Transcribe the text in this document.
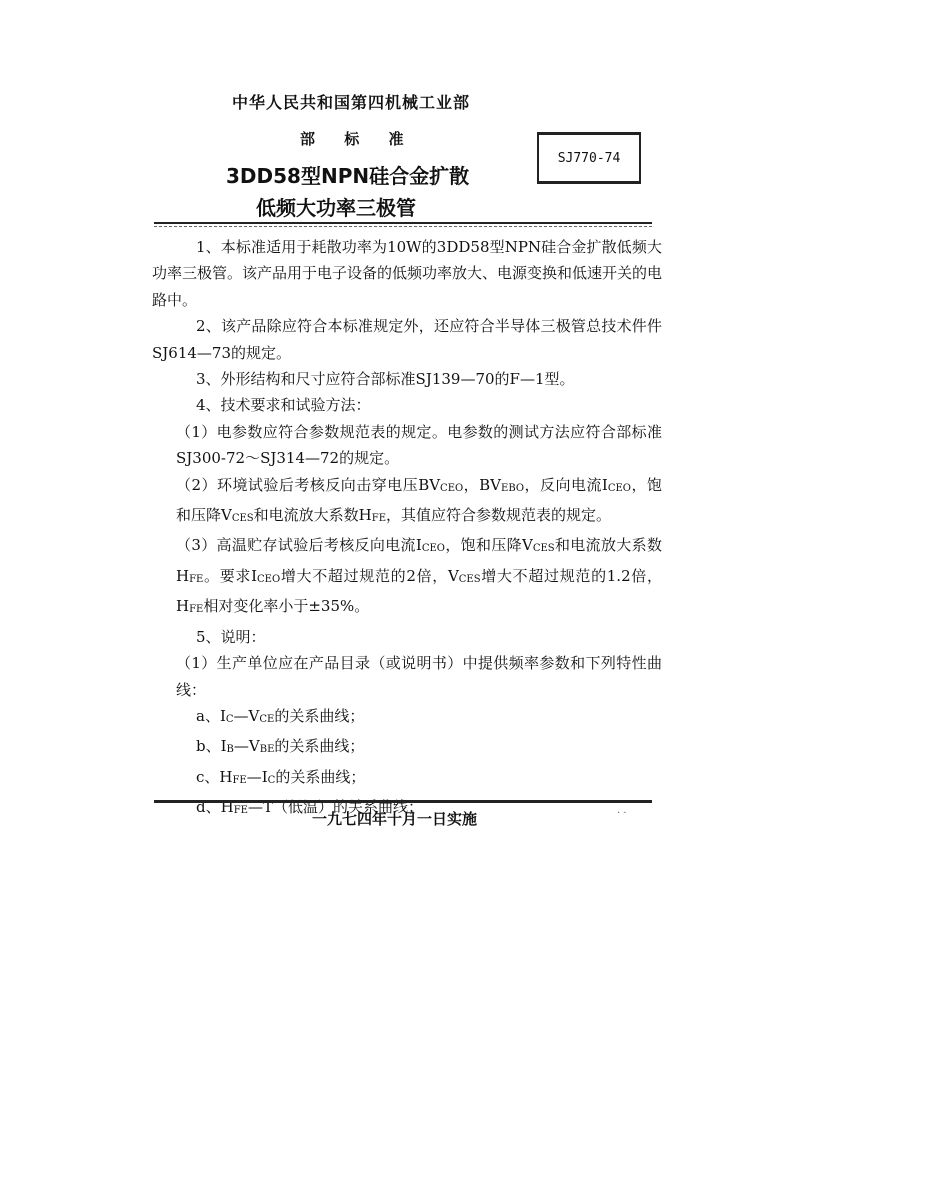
中华人民共和国第四机械工业部
部 标 准
3DD58型NPN硅合金扩散
低频大功率三极管
SJ770-74

1、本标准适用于耗散功率为10W的3DD58型NPN硅合金扩散低频大功率三极管。该产品用于电子设备的低频功率放大、电源变换和低速开关的电路中。

2、该产品除应符合本标准规定外，还应符合半导体三极管总技术件件SJ614—73的规定。

3、外形结构和尺寸应符合部标准SJ139—70的F—1型。

4、技术要求和试验方法：

（1）电参数应符合参数规范表的规定。电参数的测试方法应符合部标准SJ300-72～SJ314—72的规定。

（2）环境试验后考核反向击穿电压BVCEO，BVEBO，反向电流ICEO，饱和压降VCES和电流放大系数HFE，其值应符合参数规范表的规定。

（3）高温贮存试验后考核反向电流ICEO，饱和压降VCES和电流放大系数HFE。要求ICEO增大不超过规范的2倍，VCES增大不超过规范的1.2倍，HFE相对变化率小于±35%。

5、说明：

（1）生产单位应在产品目录（或说明书）中提供频率参数和下列特性曲线：

a、IC—VCE的关系曲线；

b、IB—VBE的关系曲线；

c、HFE—IC的关系曲线；

d、HFE—T（低温）的关系曲线；

一九七四年十月一日实施	· ·
